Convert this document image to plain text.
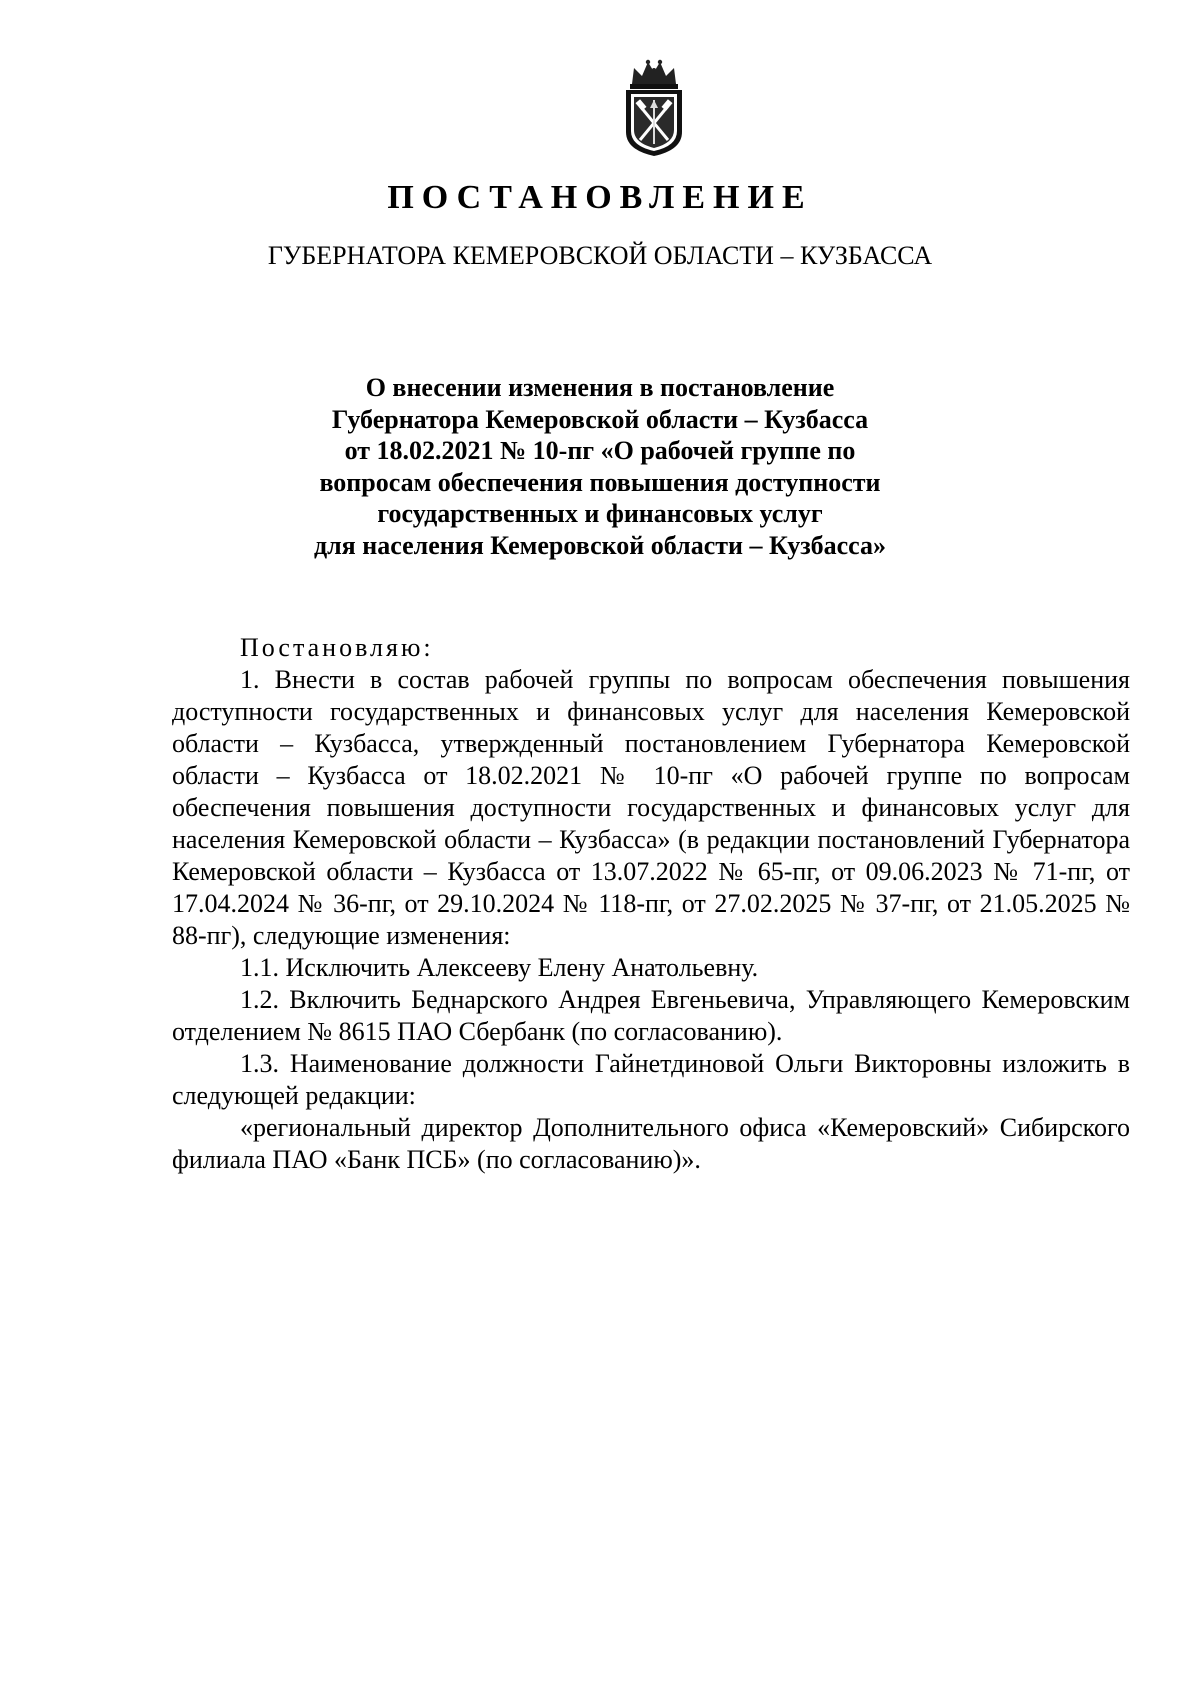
ПОСТАНОВЛЕНИЕ
ГУБЕРНАТОРА КЕМЕРОВСКОЙ ОБЛАСТИ – КУЗБАССА
О внесении изменения в постановление
Губернатора Кемеровской области – Кузбасса
от 18.02.2021 № 10-пг «О рабочей группе по
вопросам обеспечения повышения доступности
государственных и финансовых услуг
для населения Кемеровской области – Кузбасса»
Постановляю:

1. Внести в состав рабочей группы по вопросам обеспечения повышения доступности государственных и финансовых услуг для населения Кемеровской области – Кузбасса, утвержденный постановлением Губернатора Кемеровской области – Кузбасса от 18.02.2021 № 10-пг «О рабочей группе по вопросам обеспечения повышения доступности государственных и финансовых услуг для населения Кемеровской области – Кузбасса» (в редакции постановлений Губернатора Кемеровской области – Кузбасса от 13.07.2022 № 65-пг, от 09.06.2023 № 71-пг, от 17.04.2024 № 36-пг, от 29.10.2024 № 118-пг, от 27.02.2025 № 37-пг, от 21.05.2025 № 88-пг), следующие изменения:

1.1. Исключить Алексееву Елену Анатольевну.

1.2. Включить Беднарского Андрея Евгеньевича, Управляющего Кемеровским отделением № 8615 ПАО Сбербанк (по согласованию).

1.3. Наименование должности Гайнетдиновой Ольги Викторовны изложить в следующей редакции:

«региональный директор Дополнительного офиса «Кемеровский» Сибирского филиала ПАО «Банк ПСБ» (по согласованию)».
